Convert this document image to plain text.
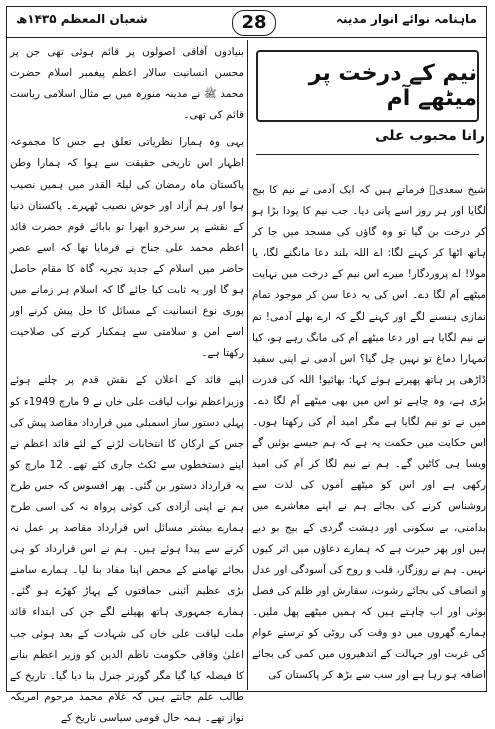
شعبان المعظم ۱۴۳۵ھ	28	ماہنامہ نوائے انوار مدینہ
نیم کے درخت پر میٹھے آم
رانا محبوب علی

شیخ سعدیؒ فرماتے ہیں کہ ایک آدمی نے نیم کا بیج لگایا اور ہر روز اسے پانی دیا۔ جب نیم کا پودا بڑا ہو کر درخت بن گیا تو وہ گاؤں کی مسجد میں جا کر ہاتھ اٹھا کر کہنے لگا: اے اللہ بلند دعا مانگنے لگا، یا مولا! اے پروردگار! میرے اس نیم کے درخت میں نہایت میٹھے آم لگا دے۔ اس کی یہ دعا سن کر موجود تمام نمازی ہنسنے لگے اور کہنے لگے کہ ارے بھلے آدمی! تم نے نیم لگایا ہے اور دعا میٹھے آم کی مانگ رہے ہو، کیا تمہارا دماغ تو نہیں چل گیا؟ اس آدمی نے اپنی سفید ڈاڑھی پر ہاتھ پھیرتے ہوئے کہا: بھائیو! اللہ کی قدرت بڑی ہے، وہ چاہے تو اس میں بھی میٹھے آم لگا دے۔ میں نے تو نیم لگایا ہے مگر امید آم کی رکھتا ہوں۔ اس حکایت میں حکمت یہ ہے کہ ہم جیسے بوئیں گے ویسا ہی کاٹیں گے۔ ہم نے نیم لگا کر آم کی امید رکھی ہے اور اس کو میٹھے آموں کی لذت سے روشناس کرنے کی بجائے ہم نے اپنے معاشرے میں بدامنی، بے سکونی اور دہشت گردی کے بیج بو دیے ہیں اور پھر حیرت ہے کہ ہمارے دعاؤں میں اثر کیوں نہیں۔ ہم نے روزگار، قلب و روح کی آسودگی اور عدل و انصاف کی بجائے رشوت، سفارش اور ظلم کی فصل بوئی اور اب چاہتے ہیں کہ ہمیں میٹھے پھل ملیں۔ ہمارے گھروں میں دو وقت کی روٹی کو ترستے عوام کی غربت اور جہالت کے اندھیروں میں کمی کی بجائے اضافہ ہو رہا ہے اور سب سے بڑھ کر پاکستان کی

بنیادوں آفاقی اصولوں پر قائم ہوئی تھی جن پر محسن انسانیت سالار اعظم پیغمبر اسلام حضرت محمد ﷺ نے مدینہ منورہ میں بے مثال اسلامی ریاست قائم کی تھی۔

یہی وہ ہمارا نظریاتی تعلق ہے جس کا مجموعہ اظہار اس تاریخی حقیقت سے ہوا کہ ہمارا وطن پاکستان ماہ رمضان کی لیلۃ القدر میں ہمیں نصیب ہوا اور ہم آزاد اور خوش نصیب ٹھہرے۔ پاکستان دنیا کے نقشے پر سرخرو ابھرا تو بابائے قوم حضرت قائد اعظم محمد علی جناح نے فرمایا تھا کہ اسے عصر حاضر میں اسلام کے جدید تجربہ گاہ کا مقام حاصل ہو گا اور یہ ثابت کیا جائے گا کہ اسلام ہر زمانے میں پوری نوع انسانیت کے مسائل کا حل پیش کرنے اور اسے امن و سلامتی سے ہمکنار کرنے کی صلاحیت رکھتا ہے۔

اپنے قائد کے اعلان کے نقش قدم پر چلتے ہوئے وزیراعظم نواب لیاقت علی خاں نے 9 مارچ 1949ء کو پہلی دستور ساز اسمبلی میں قرارداد مقاصد پیش کی جس کے ارکان کا انتخابات لڑنے کے لئے قائد اعظم نے اپنے دستخطوں سے ٹکٹ جاری کئے تھے۔ 12 مارچ کو یہ قرارداد دستور بن گئی۔ پھر افسوس کہ جس طرح ہم نے اپنی آزادی کی کوئی پرواہ نہ کی اسی طرح ہمارے بیشتر مسائل اس قرارداد مقاصد پر عمل نہ کرنے سے پیدا ہوئے ہیں۔ ہم نے اس قرارداد کو ہی بجائے تھامنے کے محض اپنا مفاد بنا لیا۔ ہمارے سامنے بڑی عظیم آئینی حماقتوں کے پہاڑ کھڑے ہو گئے۔ ہمارے جمہوری ہاتھ پھیلنے لگے جن کی ابتداء قائد ملت لیاقت علی خاں کی شہادت کے بعد ہوئی جب اعلیٰ وفاقی حکومت ناظم الدین کو وزیر اعظم بنانے کا فیصلہ کیا گیا مگر گورنر جنرل بنا دیا گیا۔ تاریخ کے طالب علم جانتے ہیں کہ غلام محمد مرحوم امریکہ نواز تھے۔ ہمہ حال قومی سیاسی تاریخ کے
